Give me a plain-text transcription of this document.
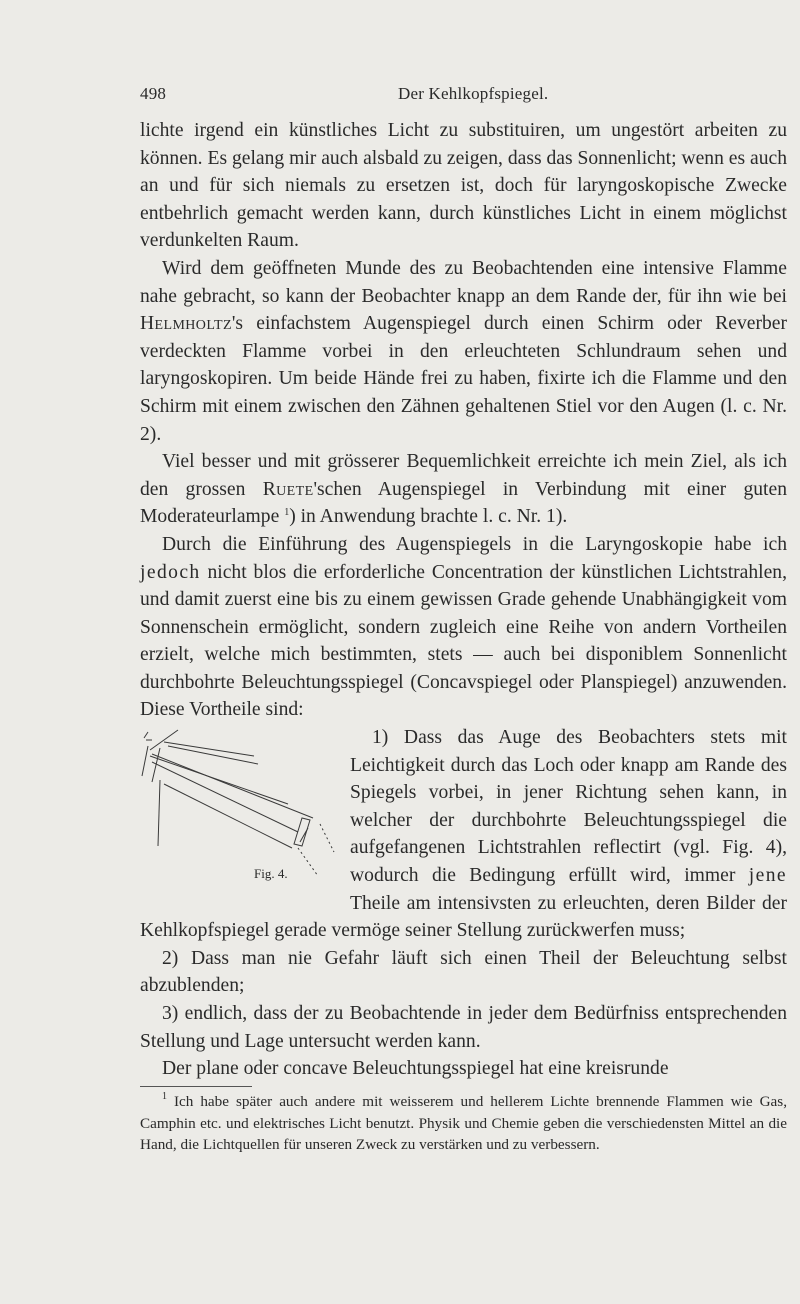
498	Der Kehlkopfspiegel.

lichte irgend ein künstliches Licht zu substituiren, um ungestört arbeiten zu können. Es gelang mir auch alsbald zu zeigen, dass das Sonnenlicht; wenn es auch an und für sich niemals zu ersetzen ist, doch für laryngoskopische Zwecke entbehrlich gemacht werden kann, durch künstliches Licht in einem möglichst verdunkelten Raum.

Wird dem geöffneten Munde des zu Beobachtenden eine intensive Flamme nahe gebracht, so kann der Beobachter knapp an dem Rande der, für ihn wie bei Helmholtz's einfachstem Augenspiegel durch einen Schirm oder Reverber verdeckten Flamme vorbei in den erleuchteten Schlundraum sehen und laryngoskopiren. Um beide Hände frei zu haben, fixirte ich die Flamme und den Schirm mit einem zwischen den Zähnen gehaltenen Stiel vor den Augen (l. c. Nr. 2).

Viel besser und mit grösserer Bequemlichkeit erreichte ich mein Ziel, als ich den grossen Ruete'schen Augenspiegel in Verbindung mit einer guten Moderateurlampe $^1$) in Anwendung brachte l. c. Nr. 1).

Durch die Einführung des Augenspiegels in die Laryngoskopie habe ich jedoch nicht blos die erforderliche Concentration der künstlichen Lichtstrahlen, und damit zuerst eine bis zu einem gewissen Grade gehende Unabhängigkeit vom Sonnenschein ermöglicht, sondern zugleich eine Reihe von andern Vortheilen erzielt, welche mich bestimmten, stets — auch bei disponiblem Sonnenlicht durchbohrte Beleuchtungsspiegel (Concavspiegel oder Planspiegel) anzuwenden. Diese Vortheile sind:

Fig. 4.
1) Dass das Auge des Beobachters stets mit Leichtigkeit durch das Loch oder knapp am Rande des Spiegels vorbei, in jener Richtung sehen kann, in welcher der durchbohrte Beleuchtungsspiegel die aufgefangenen Lichtstrahlen reflectirt (vgl. Fig. 4), wodurch die Bedingung erfüllt wird, immer jene Theile am intensivsten zu erleuchten, deren Bilder der Kehlkopfspiegel gerade vermöge seiner Stellung zurückwerfen muss;

2) Dass man nie Gefahr läuft sich einen Theil der Beleuchtung selbst abzublenden;

3) endlich, dass der zu Beobachtende in jeder dem Bedürfniss entsprechenden Stellung und Lage untersucht werden kann.

Der plane oder concave Beleuchtungsspiegel hat eine kreisrunde

$^1$ Ich habe später auch andere mit weisserem und hellerem Lichte brennende Flammen wie Gas, Camphin etc. und elektrisches Licht benutzt. Physik und Chemie geben die verschiedensten Mittel an die Hand, die Lichtquellen für unseren Zweck zu verstärken und zu verbessern.
